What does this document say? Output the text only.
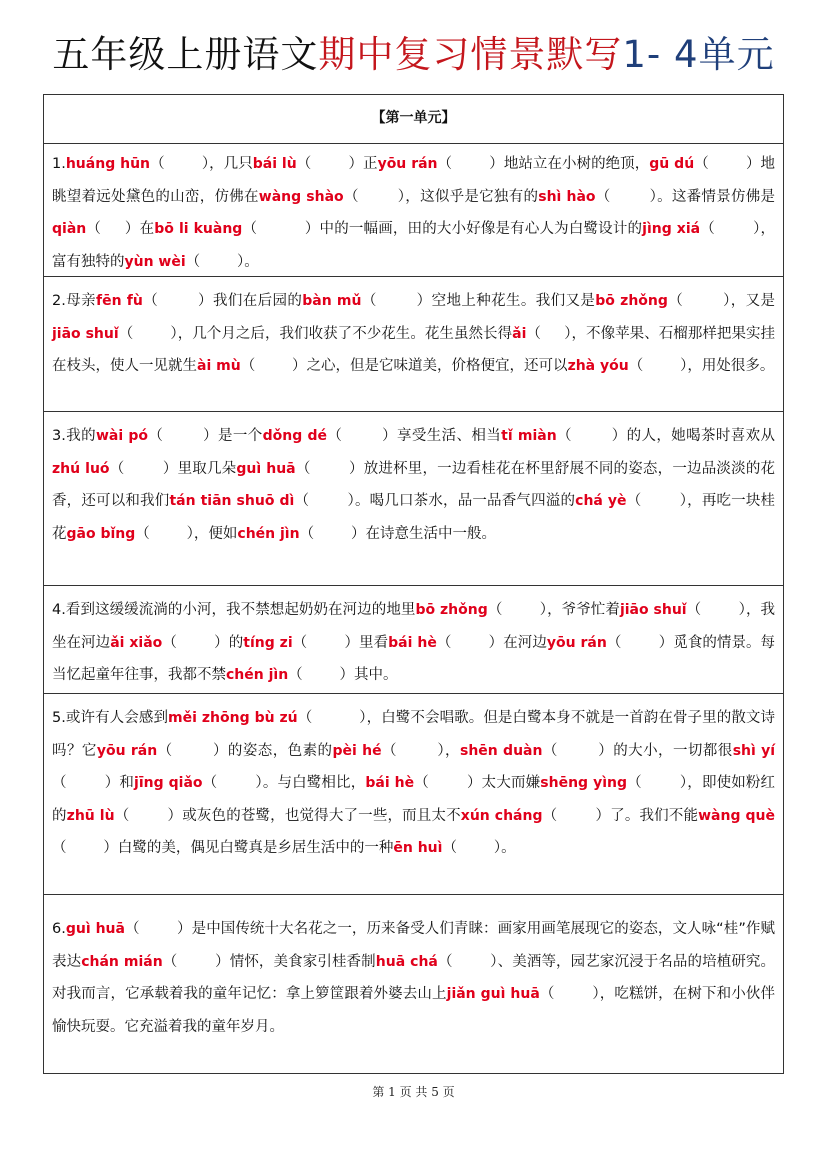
五年级上册语文期中复习情景默写1- 4单元
【第一单元】
1.huáng hūn（        ），几只bái lù（        ）正yōu rán（        ）地站立在小树的绝顶，gū dú（        ）地眺望着远处黛色的山峦，仿佛在wàng shào（        ），这似乎是它独有的shì hào（        ）。这番情景仿佛是qiàn（     ）在bō li kuàng（          ）中的一幅画，田的大小好像是有心人为白鹭设计的jìng xiá（        ），富有独特的yùn wèi（        ）。
2.母亲fēn fù（        ）我们在后园的bàn mǔ（        ）空地上种花生。我们又是bō zhǒng（        ），又是jiāo shuǐ（        ），几个月之后，我们收获了不少花生。花生虽然长得ǎi（     ），不像苹果、石榴那样把果实挂在枝头，使人一见就生ài mù（        ）之心，但是它味道美，价格便宜，还可以zhà yóu（        ），用处很多。
3.我的wài pó（        ）是一个dǒng dé（        ）享受生活、相当tǐ miàn（        ）的人，她喝茶时喜欢从zhú luó（        ）里取几朵guì huā（        ）放进杯里，一边看桂花在杯里舒展不同的姿态，一边品淡淡的花香，还可以和我们tán tiān shuō dì（        ）。喝几口茶水，品一品香气四溢的chá yè（        ），再吃一块桂花gāo bǐng（        ），便如chén jìn（        ）在诗意生活中一般。
4.看到这缓缓流淌的小河，我不禁想起奶奶在河边的地里bō zhǒng（        ），爷爷忙着jiāo shuǐ（        ），我坐在河边ǎi xiǎo（        ）的tíng zi（        ）里看bái hè（        ）在河边yōu rán（        ）觅食的情景。每当忆起童年往事，我都不禁chén jìn（        ）其中。
5.或许有人会感到měi zhōng bù zú（          ），白鹭不会唱歌。但是白鹭本身不就是一首韵在骨子里的散文诗吗？它yōu rán（        ）的姿态，色素的pèi hé（        ），shēn duàn（        ）的大小，一切都很shì yí（        ）和jīng qiǎo（        ）。与白鹭相比，bái hè（        ）太大而嫌shēng yìng（        ），即使如粉红的zhū lù（        ）或灰色的苍鹭，也觉得大了一些，而且太不xún cháng（        ）了。我们不能wàng què（        ）白鹭的美，偶见白鹭真是乡居生活中的一种ēn huì（        ）。
6.guì huā（        ）是中国传统十大名花之一，历来备受人们青睐：画家用画笔展现它的姿态，文人咏“桂”作赋表达chán mián（        ）情怀，美食家引桂香制huā chá（        ）、美酒等，园艺家沉浸于名品的培植研究。对我而言，它承载着我的童年记忆：拿上箩筐跟着外婆去山上jiǎn guì huā（        ），吃糕饼，在树下和小伙伴愉快玩耍。它充溢着我的童年岁月。
第 1 页 共 5 页
